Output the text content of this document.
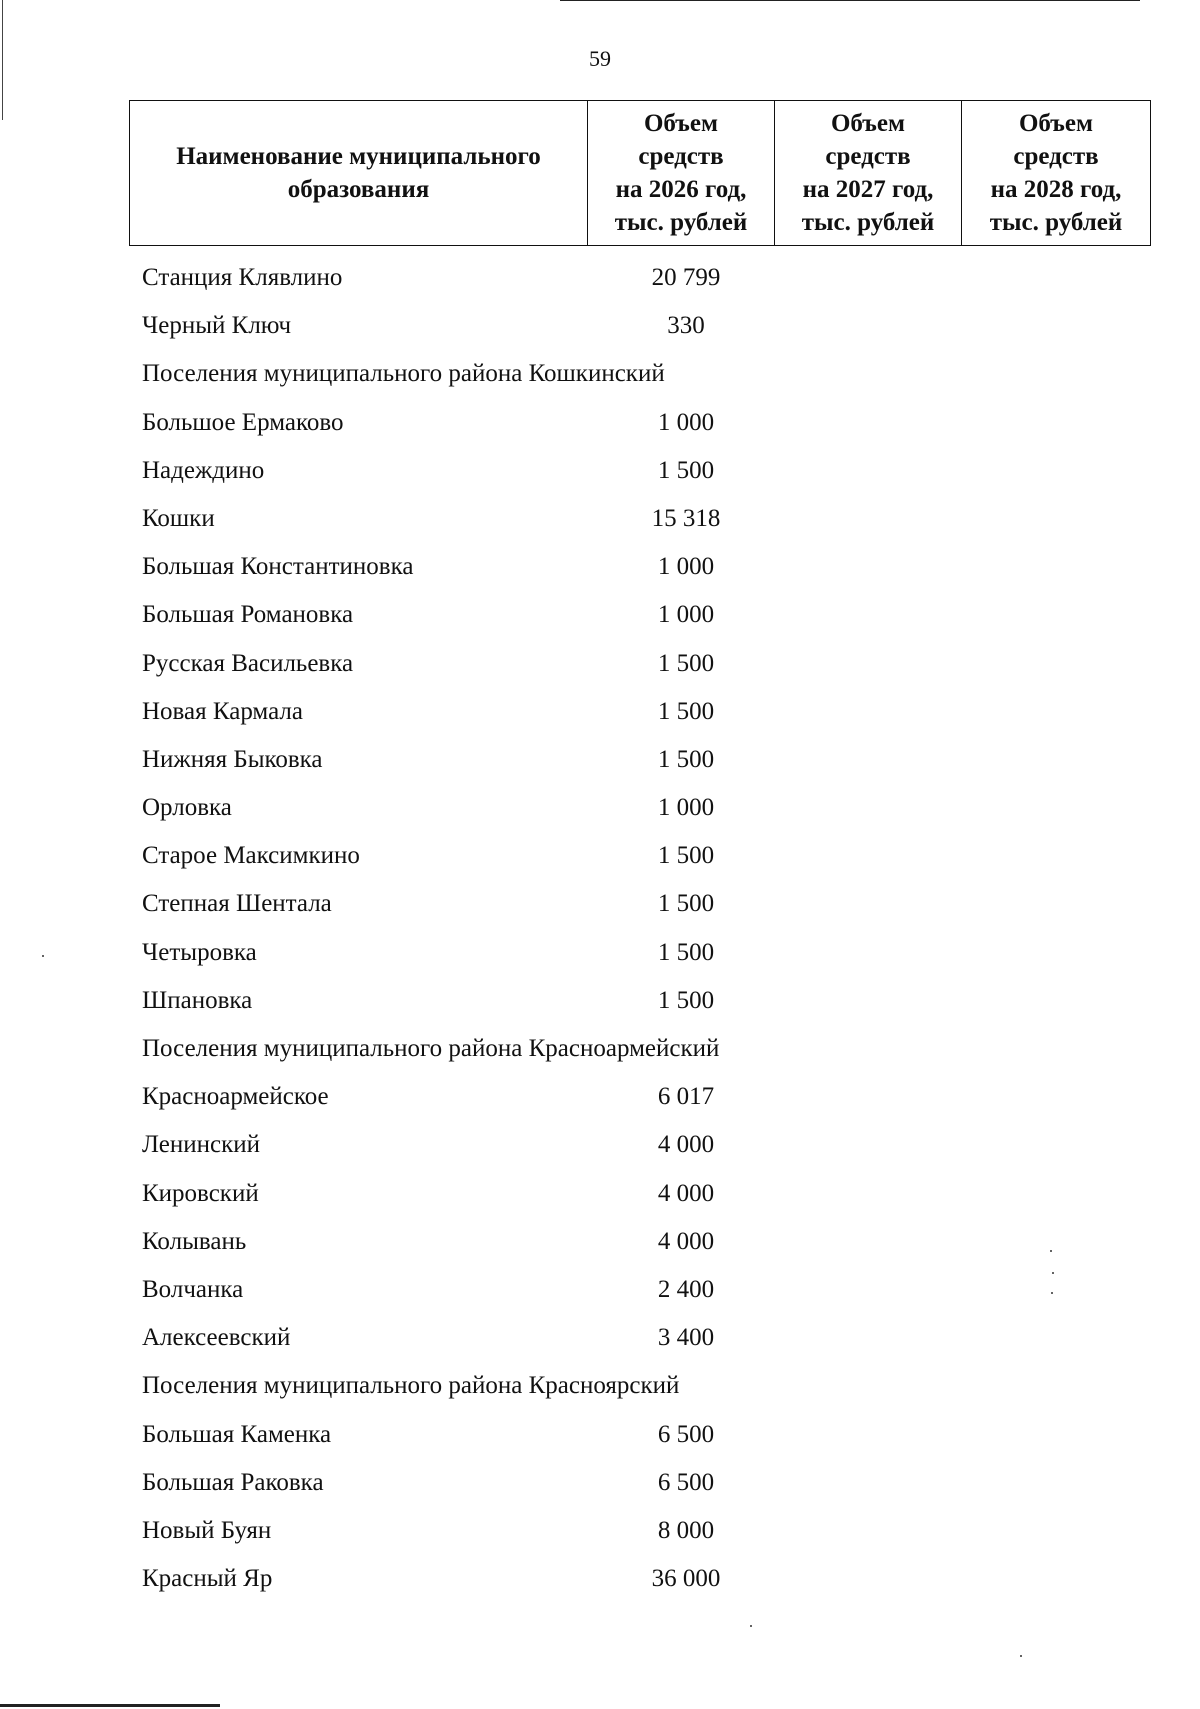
59
Наименование муниципального
образования	Объем
средств
на 2026 год,
тыс. рублей	Объем
средств
на 2027 год,
тыс. рублей	Объем
средств
на 2028 год,
тыс. рублей
Станция Клявлино	20 799
Черный Ключ	330
Поселения муниципального района Кошкинский
Большое Ермаково	1 000
Надеждино	1 500
Кошки	15 318
Большая Константиновка	1 000
Большая Романовка	1 000
Русская Васильевка	1 500
Новая Кармала	1 500
Нижняя Быковка	1 500
Орловка	1 000
Старое Максимкино	1 500
Степная Шентала	1 500
Четыровка	1 500
Шпановка	1 500
Поселения муниципального района Красноармейский
Красноармейское	6 017
Ленинский	4 000
Кировский	4 000
Колывань	4 000
Волчанка	2 400
Алексеевский	3 400
Поселения муниципального района Красноярский
Большая Каменка	6 500
Большая Раковка	6 500
Новый Буян	8 000
Красный Яр	36 000
